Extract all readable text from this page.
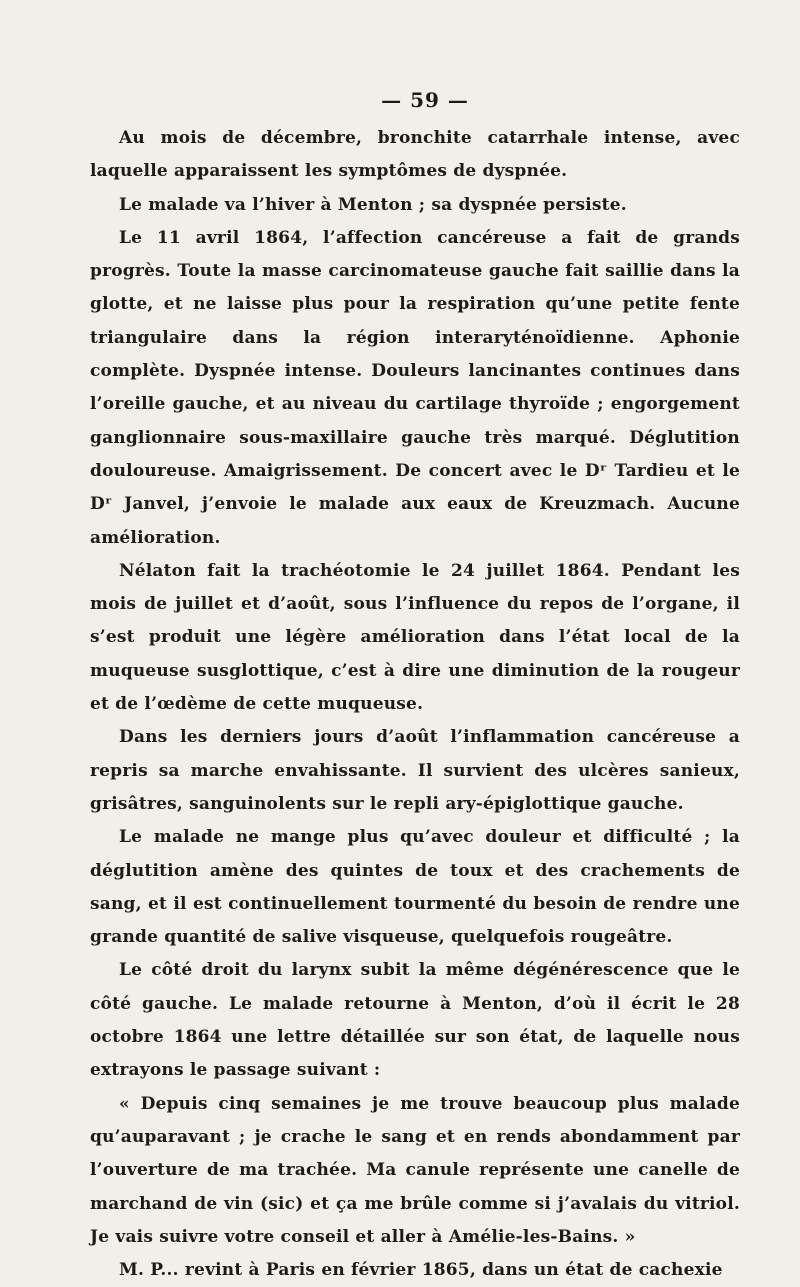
— 59 —

Au mois de décembre, bronchite catarrhale intense, avec laquelle apparaissent les symptômes de dyspnée.

Le malade va l’hiver à Menton ; sa dyspnée persiste.

Le 11 avril 1864, l’affection cancéreuse a fait de grands progrès. Toute la masse carcinomateuse gauche fait saillie dans la glotte, et ne laisse plus pour la respiration qu’une petite fente triangulaire dans la région interaryténoïdienne. Aphonie complète. Dyspnée intense. Douleurs lancinantes continues dans l’oreille gauche, et au niveau du cartilage thyroïde ; engorgement ganglionnaire sous-maxillaire gauche très marqué. Déglutition douloureuse. Amaigrissement. De concert avec le Dʳ Tardieu et le Dʳ Janvel, j’envoie le malade aux eaux de Kreuzmach. Aucune amélioration.

Nélaton fait la trachéotomie le 24 juillet 1864. Pendant les mois de juillet et d’août, sous l’influence du repos de l’organe, il s’est produit une légère amélioration dans l’état local de la muqueuse susglottique, c’est à dire une diminution de la rougeur et de l’œdème de cette muqueuse.

Dans les derniers jours d’août l’inflammation cancéreuse a repris sa marche envahissante. Il survient des ulcères sanieux, grisâtres, sanguinolents sur le repli ary-épiglottique gauche.

Le malade ne mange plus qu’avec douleur et difficulté ; la déglutition amène des quintes de toux et des crachements de sang, et il est continuellement tourmenté du besoin de rendre une grande quantité de salive visqueuse, quelquefois rougeâtre.

Le côté droit du larynx subit la même dégénérescence que le côté gauche. Le malade retourne à Menton, d’où il écrit le 28 octobre 1864 une lettre détaillée sur son état, de laquelle nous extrayons le passage suivant :

« Depuis cinq semaines je me trouve beaucoup plus malade qu’auparavant ; je crache le sang et en rends abondamment par l’ouverture de ma trachée. Ma canule représente une canelle de marchand de vin (sic) et ça me brûle comme si j’avalais du vitriol. Je vais suivre votre conseil et aller à Amélie-les-Bains. »

M. P... revint à Paris en février 1865, dans un état de cachexie
